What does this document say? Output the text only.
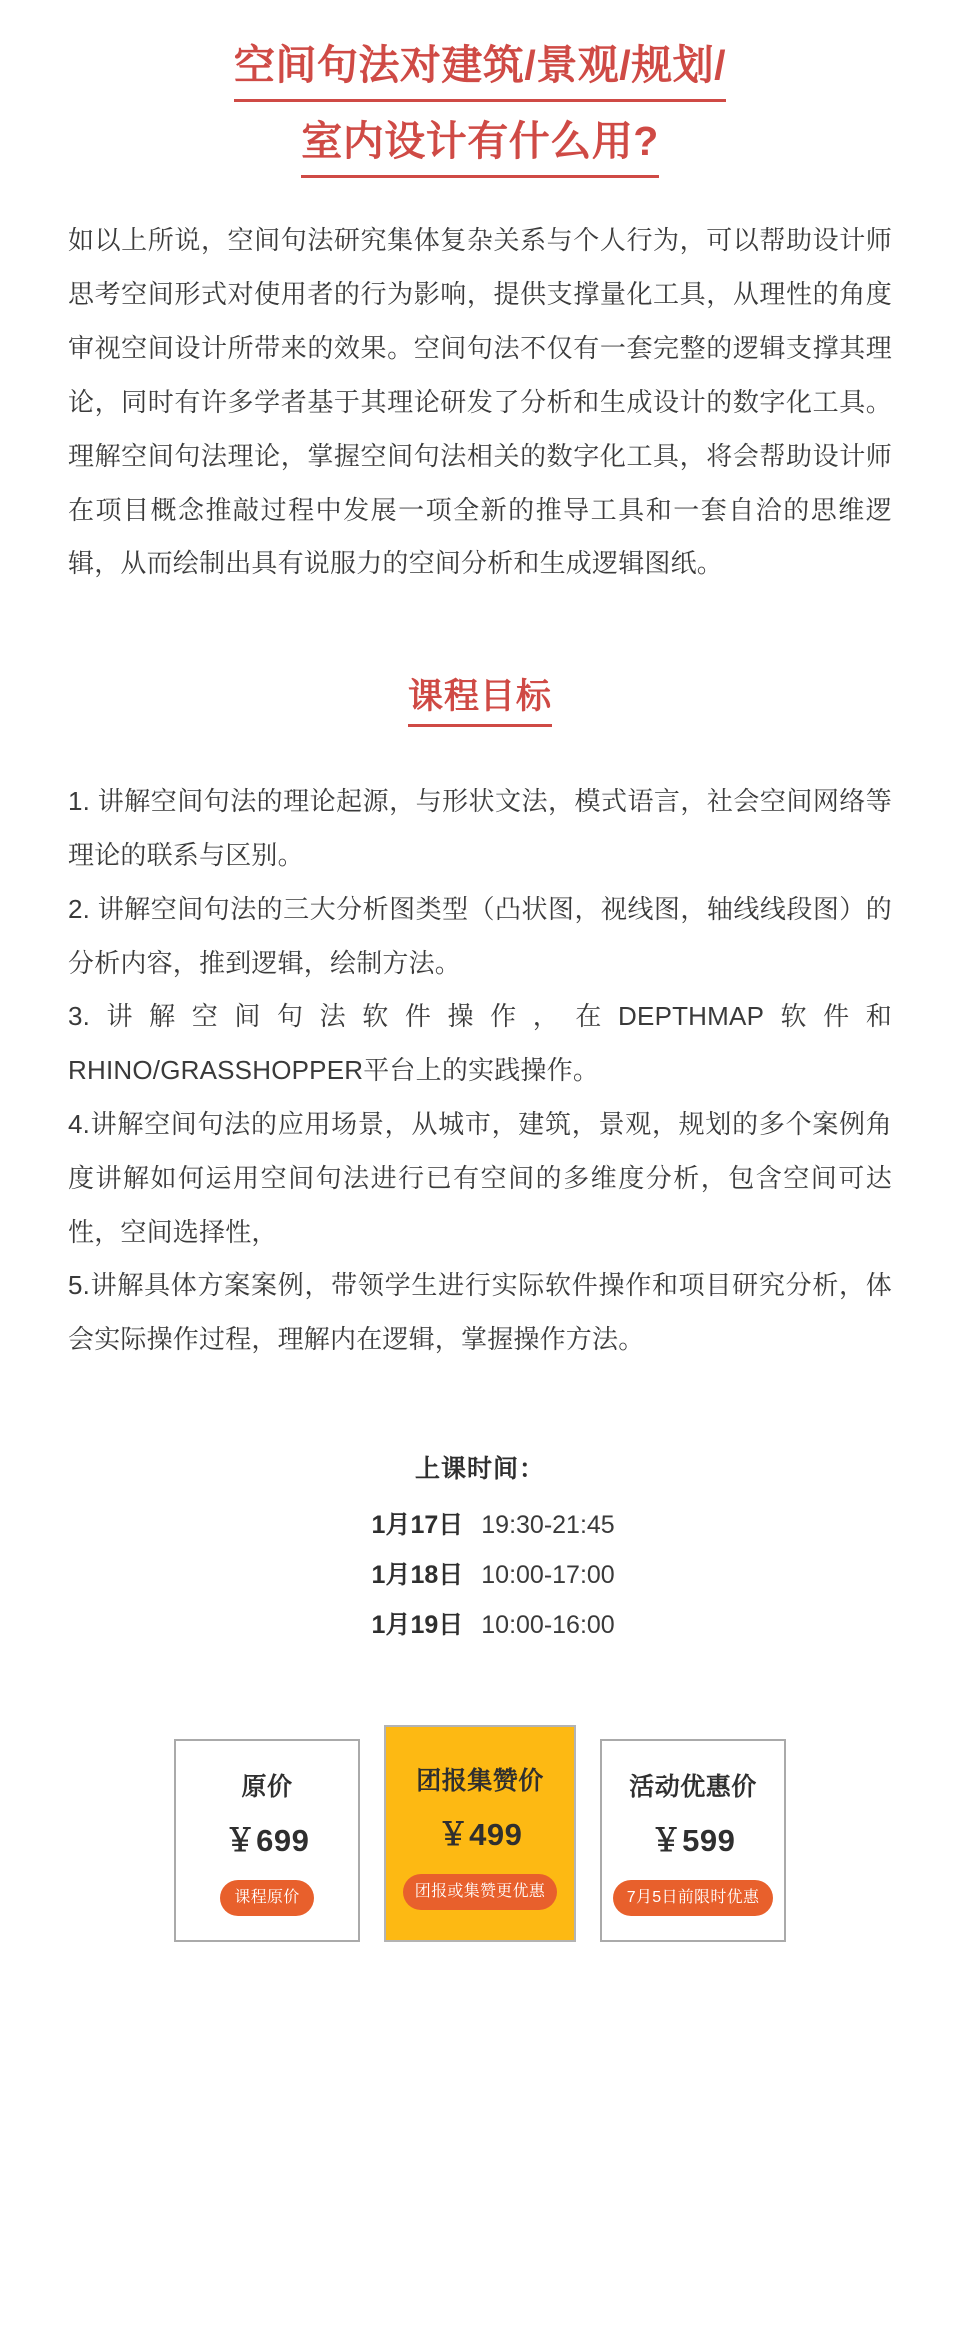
空间句法对建筑/景观/规划/
室内设计有什么用?

如以上所说，空间句法研究集体复杂关系与个人行为，可以帮助设计师思考空间形式对使用者的行为影响，提供支撑量化工具，从理性的角度审视空间设计所带来的效果。空间句法不仅有一套完整的逻辑支撑其理论，同时有许多学者基于其理论研发了分析和生成设计的数字化工具。理解空间句法理论，掌握空间句法相关的数字化工具，将会帮助设计师在项目概念推敲过程中发展一项全新的推导工具和一套自洽的思维逻辑，从而绘制出具有说服力的空间分析和生成逻辑图纸。

课程目标
1. 讲解空间句法的理论起源，与形状文法，模式语言，社会空间网络等理论的联系与区别。
2. 讲解空间句法的三大分析图类型（凸状图，视线图，轴线线段图）的分析内容，推到逻辑，绘制方法。
3.讲解空间句法软件操作，在DEPTHMAP软件和RHINO/GRASSHOPPER平台上的实践操作。
4.讲解空间句法的应用场景，从城市，建筑，景观，规划的多个案例角度讲解如何运用空间句法进行已有空间的多维度分析，包含空间可达性，空间选择性，
5.讲解具体方案案例，带领学生进行实际软件操作和项目研究分析，体会实际操作过程，理解内在逻辑，掌握操作方法。
上课时间：
1月17日 19:30-21:45
1月18日 10:00-17:00
1月19日 10:00-16:00
原价
￥699
课程原价
团报集赞价
￥499
团报或集赞更优惠
活动优惠价
￥599
7月5日前限时优惠
